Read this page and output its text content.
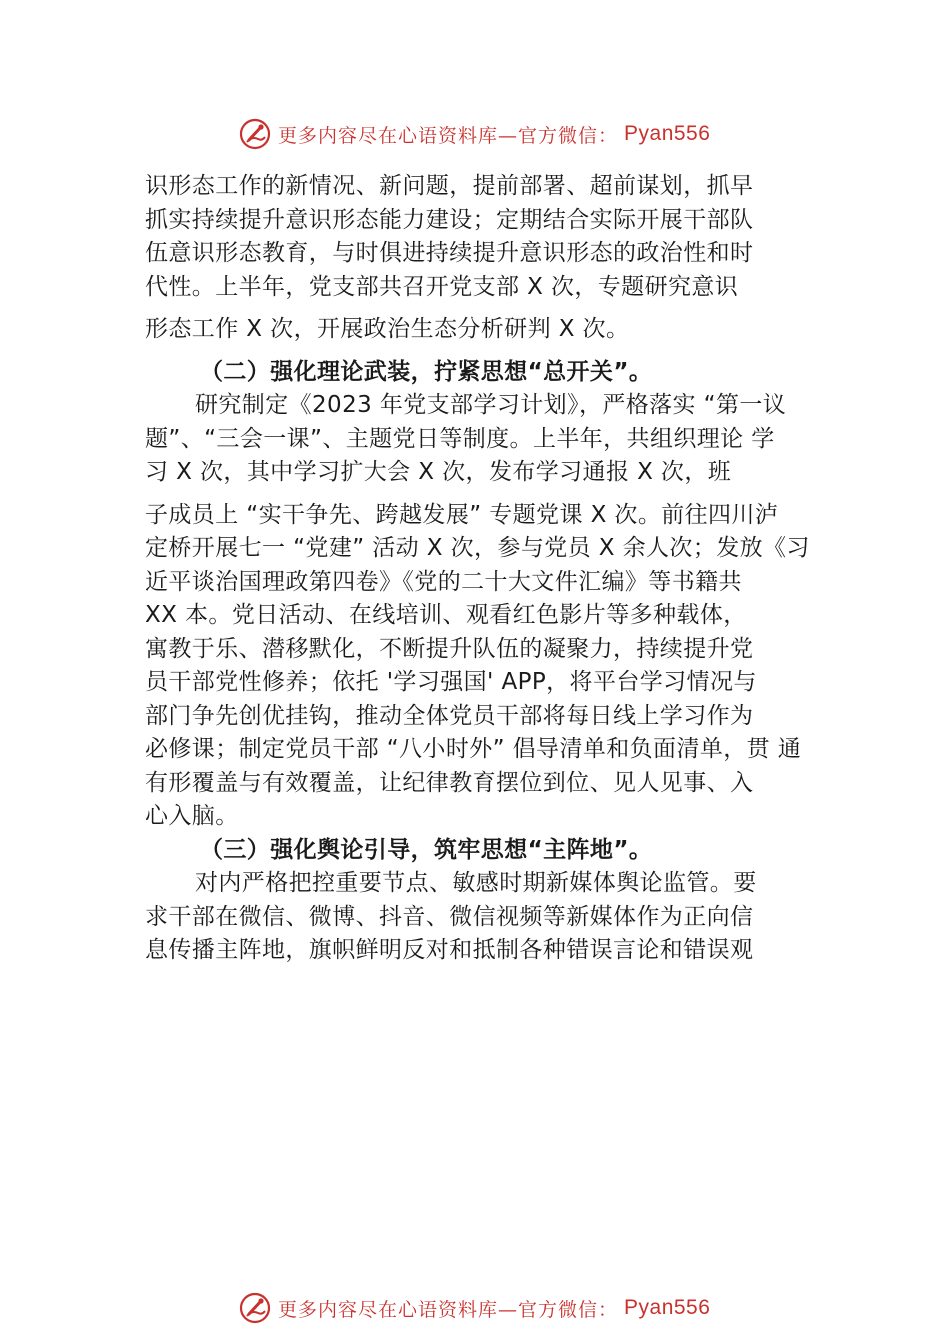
更多内容尽在心语资料库—官方微信： Pyan556
识形态工作的新情况、新问题，提前部署、超前谋划，抓早
抓实持续提升意识形态能力建设；定期结合实际开展干部队
伍意识形态教育，与时俱进持续提升意识形态的政治性和时
代性。上半年，党支部共召开党支部 X 次，专题研究意识
形态工作 X 次，开展政治生态分析研判 X 次。
（二）强化理论武装，拧紧思想“总开关”。
研究制定《2023 年党支部学习计划》，严格落实 “第一议
题”、“三会一课”、主题党日等制度。上半年，共组织理论 学
习 X 次，其中学习扩大会 X 次，发布学习通报 X 次，班
子成员上 “实干争先、跨越发展” 专题党课 X 次。前往四川泸
定桥开展七一 “党建” 活动 X 次，参与党员 X 余人次；发放《习
近平谈治国理政第四卷》《党的二十大文件汇编》等书籍共
XX 本。党日活动、在线培训、观看红色影片等多种载体，
寓教于乐、潜移默化，不断提升队伍的凝聚力，持续提升党
员干部党性修养；依托 '学习强国' APP，将平台学习情况与
部门争先创优挂钩，推动全体党员干部将每日线上学习作为
必修课；制定党员干部 “八小时外” 倡导清单和负面清单，贯 通
有形覆盖与有效覆盖，让纪律教育摆位到位、见人见事、入
心入脑。
（三）强化舆论引导，筑牢思想“主阵地”。
对内严格把控重要节点、敏感时期新媒体舆论监管。要
求干部在微信、微博、抖音、微信视频等新媒体作为正向信
息传播主阵地，旗帜鲜明反对和抵制各种错误言论和错误观
更多内容尽在心语资料库—官方微信： Pyan556
